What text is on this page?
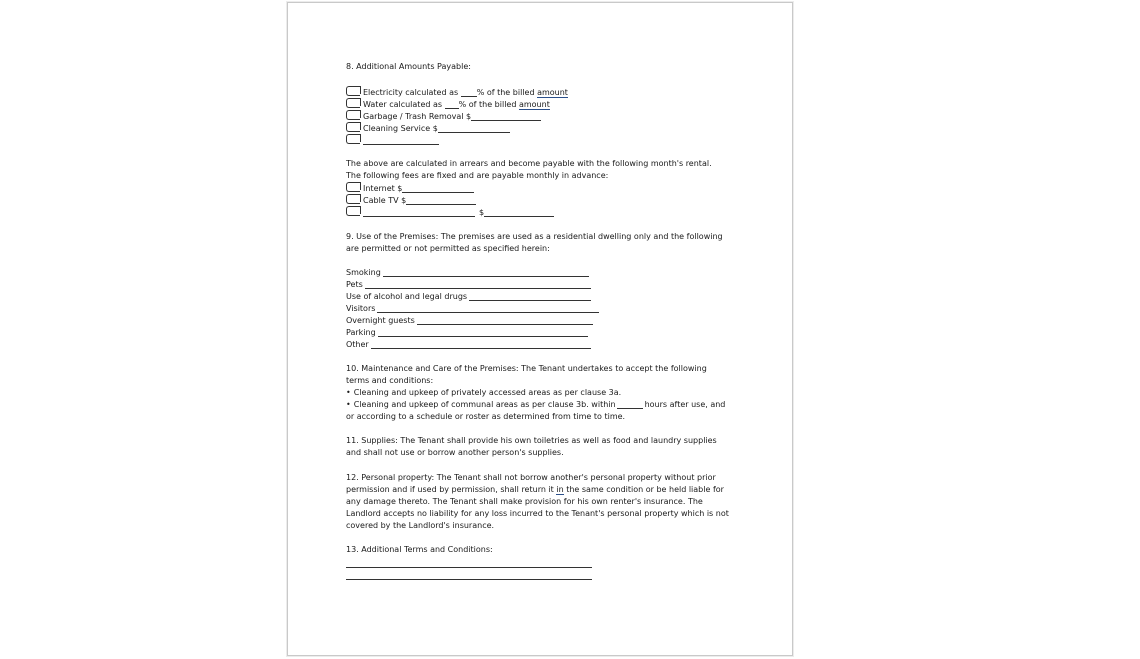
8. Additional Amounts Payable:
Electricity calculated as % of the billed amount
Water calculated as % of the billed amount
Garbage / Trash Removal $
Cleaning Service $
The above are calculated in arrears and become payable with the following month's rental.
The following fees are fixed and are payable monthly in advance:
Internet $
Cable TV $
$
9. Use of the Premises: The premises are used as a residential dwelling only and the following
are permitted or not permitted as specified herein:
Smoking
Pets
Use of alcohol and legal drugs
Visitors
Overnight guests
Parking
Other
10. Maintenance and Care of the Premises: The Tenant undertakes to accept the following
terms and conditions:
• Cleaning and upkeep of privately accessed areas as per clause 3a.
• Cleaning and upkeep of communal areas as per clause 3b. within	hours after use, and
or according to a schedule or roster as determined from time to time.
11. Supplies: The Tenant shall provide his own toiletries as well as food and laundry supplies
and shall not use or borrow another person's supplies.
12. Personal property: The Tenant shall not borrow another's personal property without prior
permission and if used by permission, shall return it in the same condition or be held liable for
any damage thereto. The Tenant shall make provision for his own renter's insurance. The
Landlord accepts no liability for any loss incurred to the Tenant's personal property which is not
covered by the Landlord's insurance.
13. Additional Terms and Conditions:
